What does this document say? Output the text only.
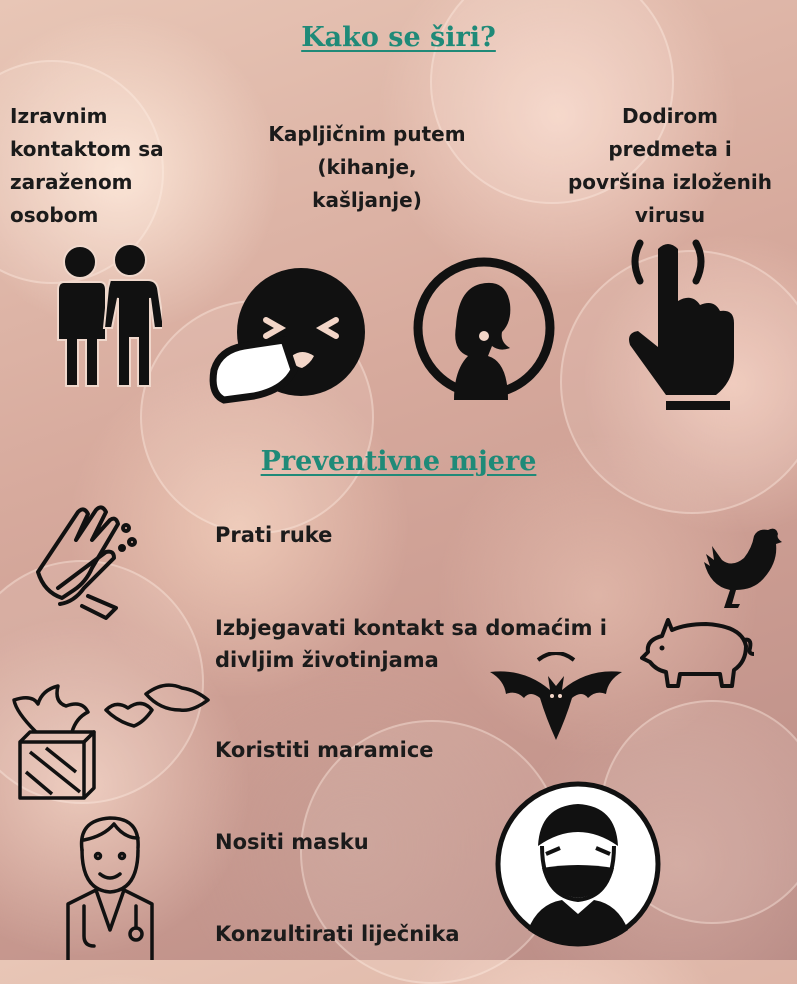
Kako se širi?
Izravnim kontaktom sa zaraženom osobom
Kapljičnim putem (kihanje, kašljanje)
Dodirom predmeta i površina izloženih virusu
Preventivne mjere
Prati ruke
Izbjegavati kontakt sa domaćim i divljim životinjama
Koristiti maramice
Nositi masku
Konzultirati liječnika
